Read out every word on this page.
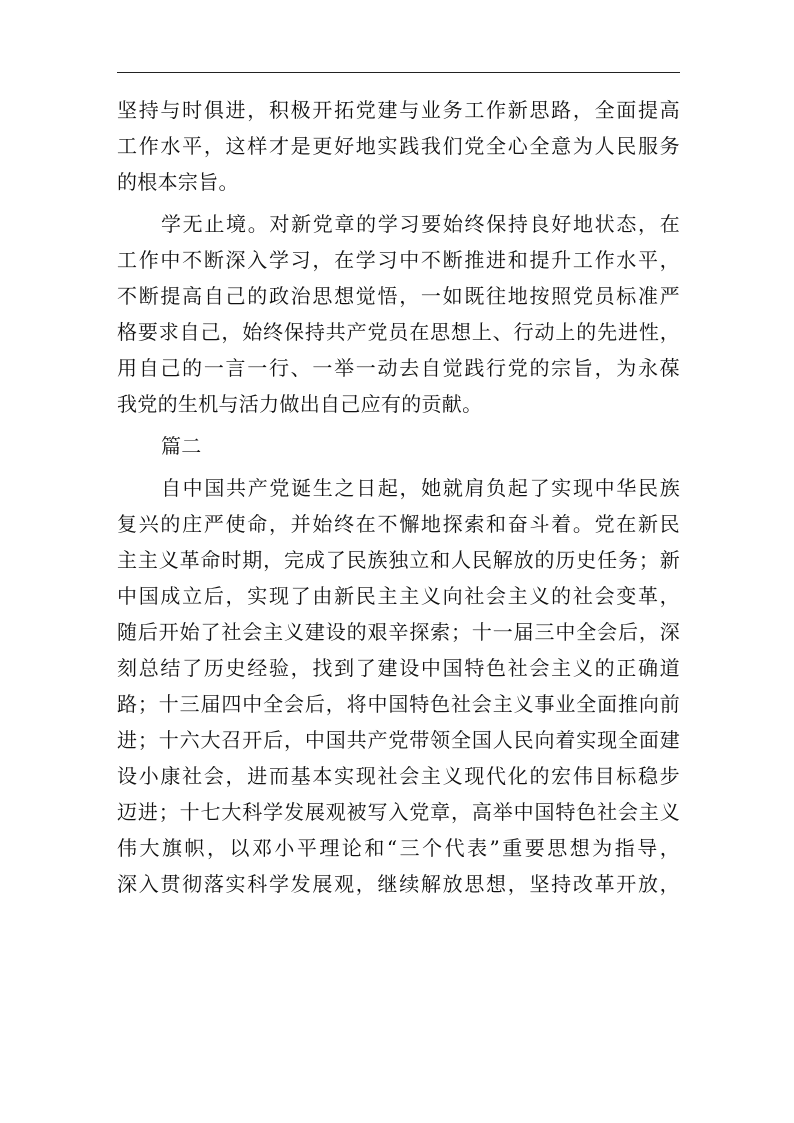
坚持与时俱进，积极开拓党建与业务工作新思路，全面提高
工作水平，这样才是更好地实践我们党全心全意为人民服务
的根本宗旨。
学无止境。对新党章的学习要始终保持良好地状态，在
工作中不断深入学习，在学习中不断推进和提升工作水平，
不断提高自己的政治思想觉悟，一如既往地按照党员标准严
格要求自己，始终保持共产党员在思想上、行动上的先进性，
用自己的一言一行、一举一动去自觉践行党的宗旨，为永葆
我党的生机与活力做出自己应有的贡献。
篇二
自中国共产党诞生之日起，她就肩负起了实现中华民族
复兴的庄严使命，并始终在不懈地探索和奋斗着。党在新民
主主义革命时期，完成了民族独立和人民解放的历史任务；新
中国成立后，实现了由新民主主义向社会主义的社会变革，
随后开始了社会主义建设的艰辛探索；十一届三中全会后，深
刻总结了历史经验，找到了建设中国特色社会主义的正确道
路；十三届四中全会后，将中国特色社会主义事业全面推向前
进；十六大召开后，中国共产党带领全国人民向着实现全面建
设小康社会，进而基本实现社会主义现代化的宏伟目标稳步
迈进；十七大科学发展观被写入党章，高举中国特色社会主义
伟大旗帜，以邓小平理论和“三个代表”重要思想为指导，
深入贯彻落实科学发展观，继续解放思想，坚持改革开放，
